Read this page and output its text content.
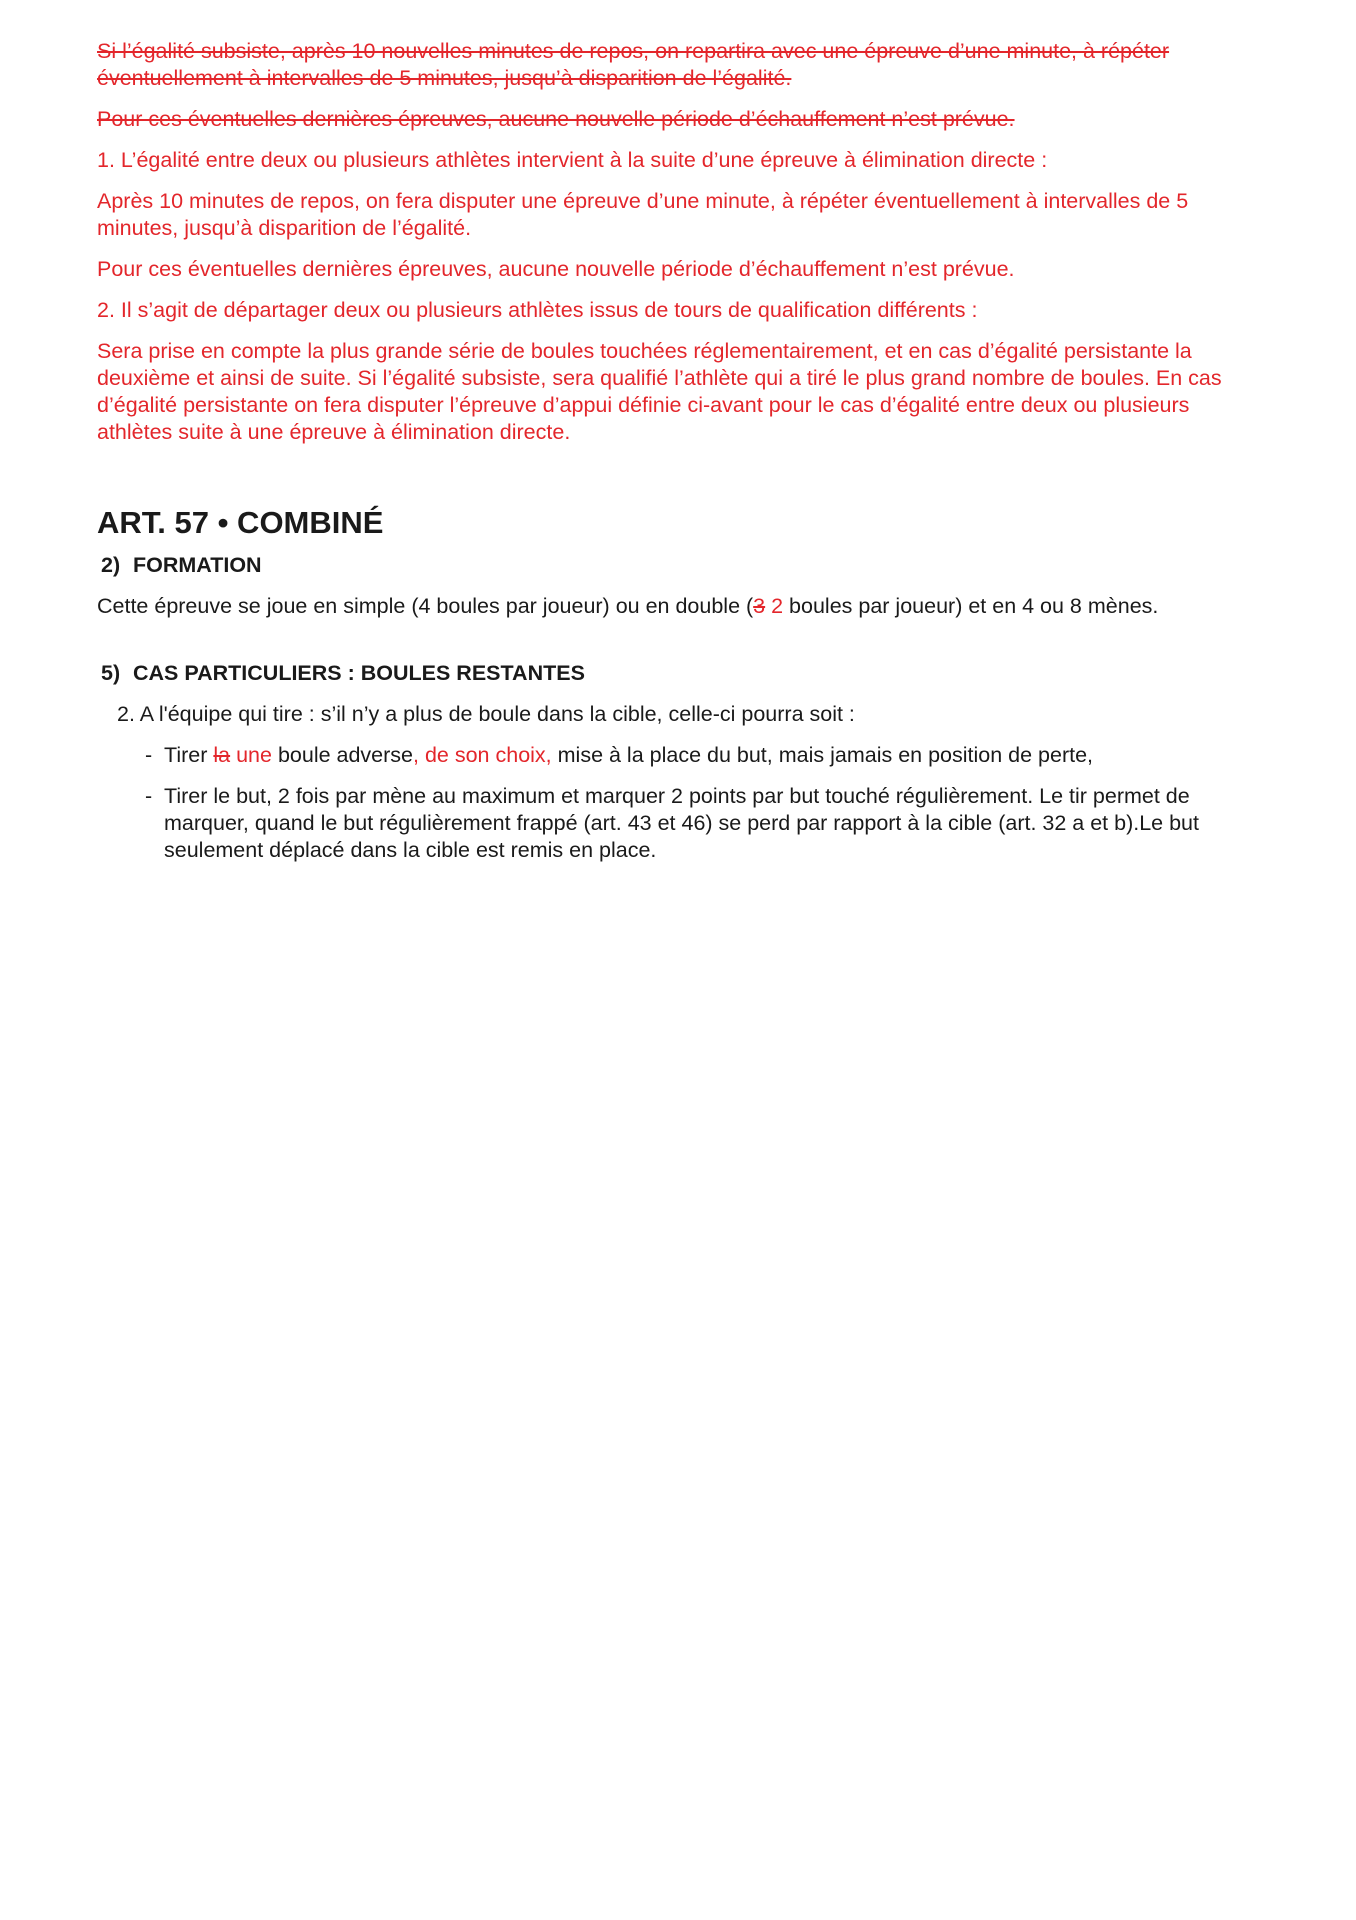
Si l’égalité subsiste, après 10 nouvelles minutes de repos, on repartira avec une épreuve d’une minute, à répéter éventuellement à intervalles de 5 minutes, jusqu’à disparition de l’égalité.

Pour ces éventuelles dernières épreuves, aucune nouvelle période d’échauffement n’est prévue.

1. L’égalité entre deux ou plusieurs athlètes intervient à la suite d’une épreuve à élimination directe :

Après 10 minutes de repos, on fera disputer une épreuve d’une minute, à répéter éventuellement à intervalles de 5 minutes, jusqu’à disparition de l’égalité.

Pour ces éventuelles dernières épreuves, aucune nouvelle période d’échauffement n’est prévue.

2. Il s’agit de départager deux ou plusieurs athlètes issus de tours de qualification différents :

Sera prise en compte la plus grande série de boules touchées réglementairement, et en cas d’égalité persistante la deuxième et ainsi de suite. Si l’égalité subsiste, sera qualifié l’athlète qui a tiré le plus grand nombre de boules. En cas d’égalité persistante on fera disputer l’épreuve d’appui définie ci-avant pour le cas d’égalité entre deux ou plusieurs athlètes suite à une épreuve à élimination directe.

ART. 57 • COMBINÉ

2) FORMATION

Cette épreuve se joue en simple (4 boules par joueur) ou en double (3 2 boules par joueur) et en 4 ou 8 mènes.

5) CAS PARTICULIERS : BOULES RESTANTES

2. A l'équipe qui tire : s’il n’y a plus de boule dans la cible, celle-ci pourra soit :

- Tirer la une boule adverse, de son choix, mise à la place du but, mais jamais en position de perte,

- Tirer le but, 2 fois par mène au maximum et marquer 2 points par but touché régulièrement. Le tir permet de marquer, quand le but régulièrement frappé (art. 43 et 46) se perd par rapport à la cible (art. 32 a et b).Le but seulement déplacé dans la cible est remis en place.
